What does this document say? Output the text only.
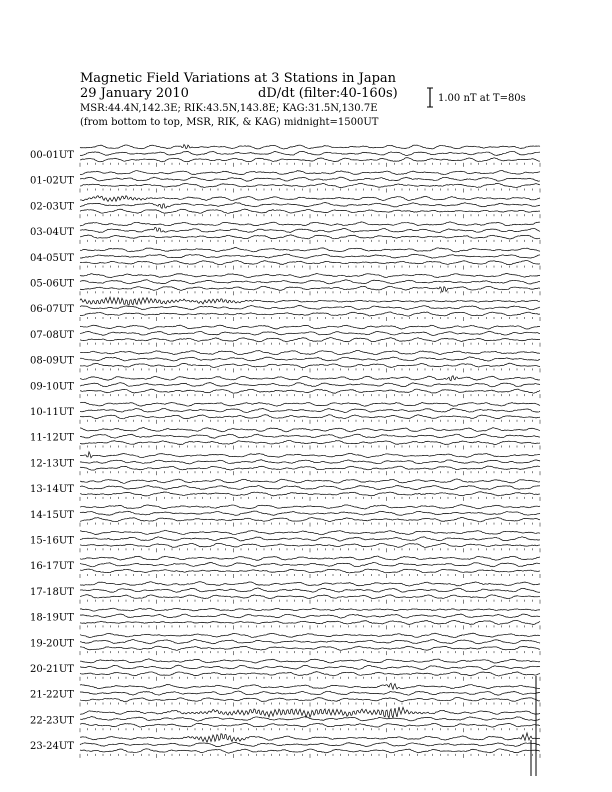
Magnetic Field Variations at 3 Stations in Japan
29 January 2010	dD/dt (filter:40-160s)
MSR:44.4N,142.3E; RIK:43.5N,143.8E; KAG:31.5N,130.7E
(from bottom to top, MSR, RIK, & KAG) midnight=1500UT
1.00 nT at T=80s
00-01UT
01-02UT
02-03UT
03-04UT
04-05UT
05-06UT
06-07UT
07-08UT
08-09UT
09-10UT
10-11UT
11-12UT
12-13UT
13-14UT
14-15UT
15-16UT
16-17UT
17-18UT
18-19UT
19-20UT
20-21UT
21-22UT
22-23UT
23-24UT
